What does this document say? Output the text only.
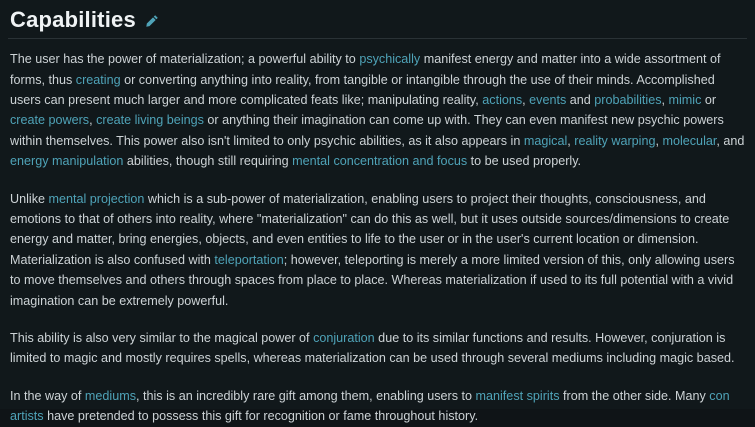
Capabilities

The user has the power of materialization; a powerful ability to psychically manifest energy and matter into a wide assortment of forms, thus creating or converting anything into reality, from tangible or intangible through the use of their minds. Accomplished users can present much larger and more complicated feats like; manipulating reality, actions, events and probabilities, mimic or create powers, create living beings or anything their imagination can come up with. They can even manifest new psychic powers within themselves. This power also isn't limited to only psychic abilities, as it also appears in magical, reality warping, molecular, and energy manipulation abilities, though still requiring mental concentration and focus to be used properly.

Unlike mental projection which is a sub-power of materialization, enabling users to project their thoughts, consciousness, and emotions to that of others into reality, where "materialization" can do this as well, but it uses outside sources/dimensions to create energy and matter, bring energies, objects, and even entities to life to the user or in the user's current location or dimension. Materialization is also confused with teleportation; however, teleporting is merely a more limited version of this, only allowing users to move themselves and others through spaces from place to place. Whereas materialization if used to its full potential with a vivid imagination can be extremely powerful.

This ability is also very similar to the magical power of conjuration due to its similar functions and results. However, conjuration is limited to magic and mostly requires spells, whereas materialization can be used through several mediums including magic based.

In the way of mediums, this is an incredibly rare gift among them, enabling users to manifest spirits from the other side. Many con artists have pretended to possess this gift for recognition or fame throughout history.
